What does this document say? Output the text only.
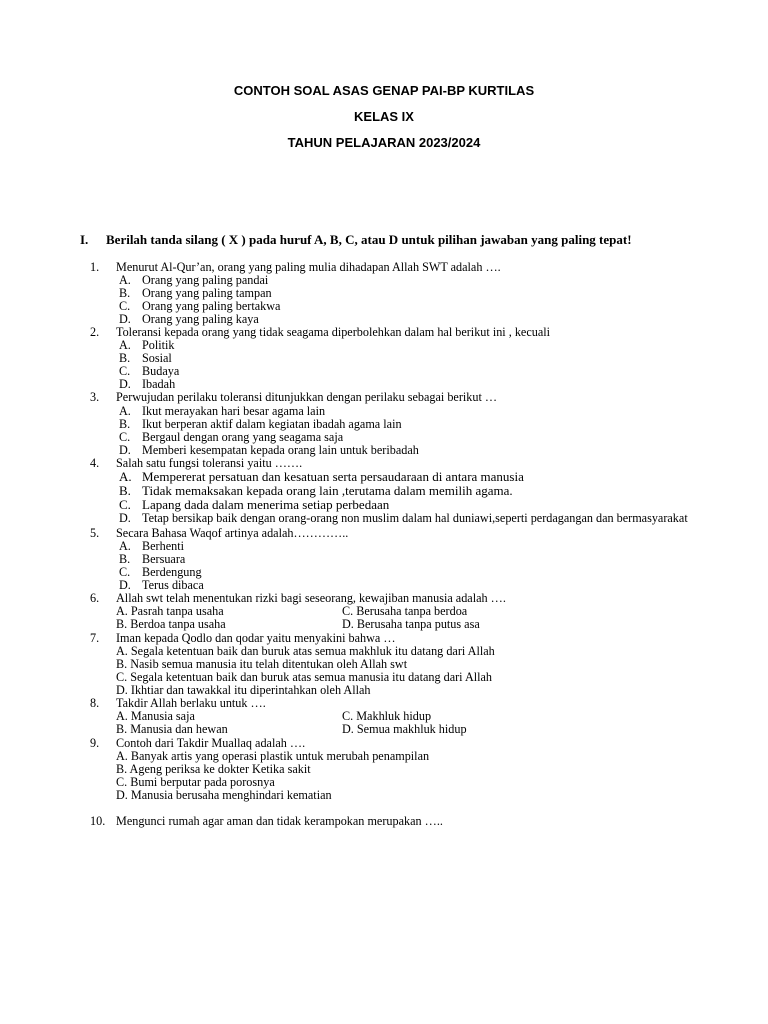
CONTOH SOAL ASAS GENAP PAI-BP KURTILAS
KELAS IX
TAHUN PELAJARAN 2023/2024
I. Berilah tanda silang ( X ) pada huruf A, B, C, atau D untuk pilihan jawaban yang paling tepat!
1. Menurut Al-Qur’an, orang yang paling mulia dihadapan Allah SWT adalah ….
A. Orang yang paling pandai
B. Orang yang paling tampan
C. Orang yang paling bertakwa
D. Orang yang paling kaya
2. Toleransi kepada orang yang tidak seagama diperbolehkan dalam hal berikut ini , kecuali
A. Politik
B. Sosial
C. Budaya
D. Ibadah
3. Perwujudan perilaku toleransi ditunjukkan dengan perilaku sebagai berikut …
A. Ikut merayakan hari besar agama lain
B. Ikut berperan aktif dalam kegiatan ibadah agama lain
C. Bergaul dengan orang yang seagama saja
D. Memberi kesempatan kepada orang lain untuk beribadah
4. Salah satu fungsi toleransi yaitu …….
A. Mempererat persatuan dan kesatuan serta persaudaraan di antara manusia
B. Tidak memaksakan kepada orang lain ,terutama dalam memilih agama.
C. Lapang dada dalam menerima setiap perbedaan
D. Tetap bersikap baik dengan orang-orang non muslim dalam hal duniawi,seperti perdagangan dan bermasyarakat
5. Secara Bahasa Waqof artinya adalah…………..
A. Berhenti
B. Bersuara
C. Berdengung
D. Terus dibaca
6. Allah swt telah menentukan rizki bagi seseorang, kewajiban manusia adalah ….
A. Pasrah tanpa usaha	C. Berusaha tanpa berdoa
B. Berdoa tanpa usaha	D. Berusaha tanpa putus asa
7. Iman kepada Qodlo dan qodar yaitu menyakini bahwa …
A. Segala ketentuan baik dan buruk atas semua makhluk itu datang dari Allah
B. Nasib semua manusia itu telah ditentukan oleh Allah swt
C. Segala ketentuan baik dan buruk atas semua manusia itu datang dari Allah
D. Ikhtiar dan tawakkal itu diperintahkan oleh Allah
8. Takdir Allah berlaku untuk ….
A. Manusia saja	C. Makhluk hidup
B. Manusia dan hewan	D. Semua makhluk hidup
9. Contoh dari Takdir Muallaq adalah ….
A. Banyak artis yang operasi plastik untuk merubah penampilan
B. Ageng periksa ke dokter Ketika sakit
C. Bumi berputar pada porosnya
D. Manusia berusaha menghindari kematian
10. Mengunci rumah agar aman dan tidak kerampokan merupakan …..
